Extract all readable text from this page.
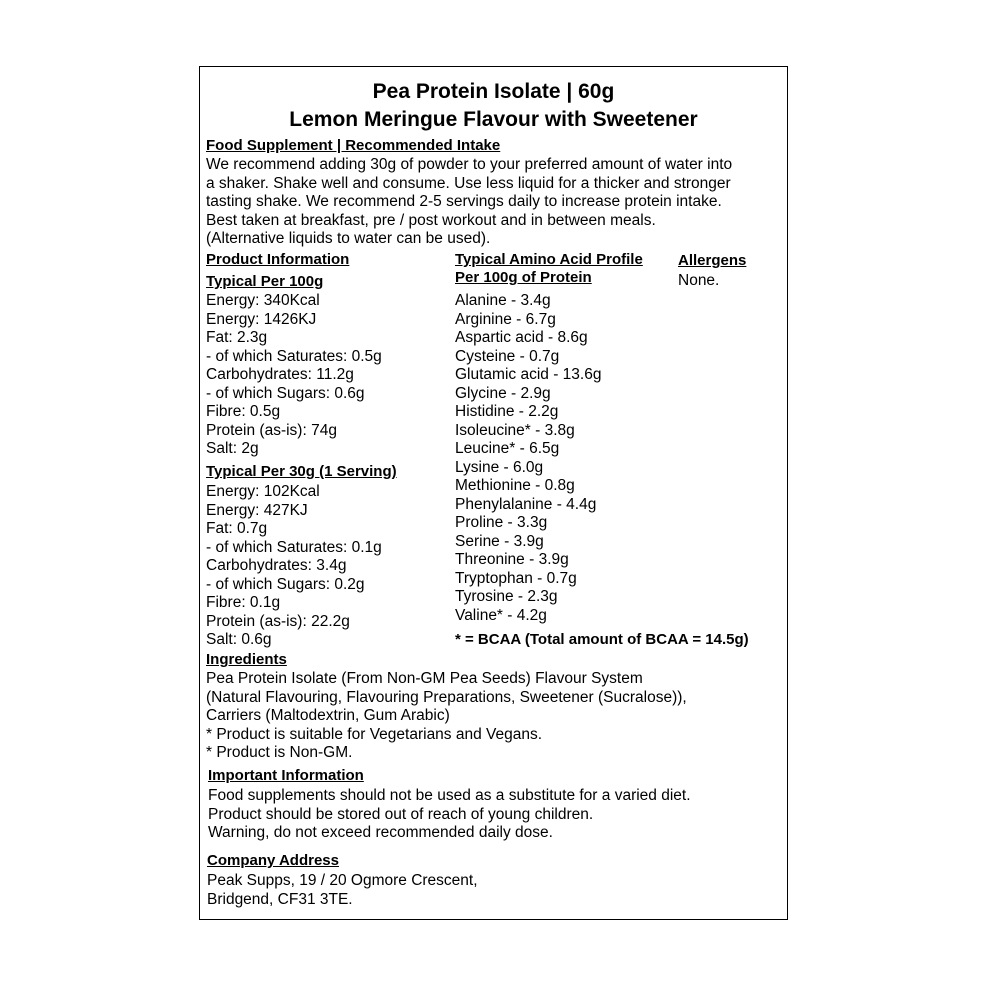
Pea Protein Isolate | 60g
Lemon Meringue Flavour with Sweetener
Food Supplement | Recommended Intake
We recommend adding 30g of powder to your preferred amount of water into
a shaker. Shake well and consume. Use less liquid for a thicker and stronger
tasting shake. We recommend 2-5 servings daily to increase protein intake.
Best taken at breakfast, pre / post workout and in between meals.
(Alternative liquids to water can be used).
Product Information
Typical Per 100g
Energy: 340Kcal
Energy: 1426KJ
Fat: 2.3g
- of which Saturates: 0.5g
Carbohydrates: 11.2g
- of which Sugars: 0.6g
Fibre: 0.5g
Protein (as-is): 74g
Salt: 2g
Typical Per 30g (1 Serving)
Energy: 102Kcal
Energy: 427KJ
Fat: 0.7g
- of which Saturates: 0.1g
Carbohydrates: 3.4g
- of which Sugars: 0.2g
Fibre: 0.1g
Protein (as-is): 22.2g
Salt: 0.6g
Typical Amino Acid Profile
Per 100g of Protein
Alanine - 3.4g
Arginine - 6.7g
Aspartic acid - 8.6g
Cysteine - 0.7g
Glutamic acid - 13.6g
Glycine - 2.9g
Histidine - 2.2g
Isoleucine* - 3.8g
Leucine* - 6.5g
Lysine - 6.0g
Methionine - 0.8g
Phenylalanine - 4.4g
Proline - 3.3g
Serine - 3.9g
Threonine - 3.9g
Tryptophan - 0.7g
Tyrosine - 2.3g
Valine* - 4.2g
* = BCAA (Total amount of BCAA = 14.5g)
Allergens
None.
Ingredients
Pea Protein Isolate (From Non-GM Pea Seeds) Flavour System
(Natural Flavouring, Flavouring Preparations, Sweetener (Sucralose)),
Carriers (Maltodextrin, Gum Arabic)
* Product is suitable for Vegetarians and Vegans.
* Product is Non-GM.
Important Information
Food supplements should not be used as a substitute for a varied diet.
Product should be stored out of reach of young children.
Warning, do not exceed recommended daily dose.
Company Address
Peak Supps, 19 / 20 Ogmore Crescent,
Bridgend, CF31 3TE.
